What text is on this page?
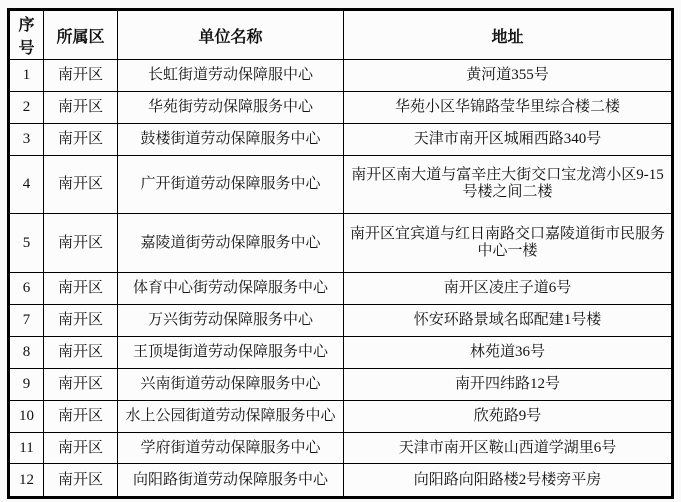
序号	所属区	单位名称	地址
1	南开区	长虹街道劳动保障服中心	黄河道355号
2	南开区	华苑街劳动保障服务中心	华苑小区华锦路莹华里综合楼二楼
3	南开区	鼓楼街道劳动保障服务中心	天津市南开区城厢西路340号
4	南开区	广开街道劳动保障服务中心	南开区南大道与富辛庄大街交口宝龙湾小区9-15号楼之间二楼
5	南开区	嘉陵道街劳动保障服务中心	南开区宜宾道与红日南路交口嘉陵道街市民服务中心一楼
6	南开区	体育中心街劳动保障服务中心	南开区凌庄子道6号
7	南开区	万兴街劳动保障服务中心	怀安环路景域名邸配建1号楼
8	南开区	王顶堤街道劳动保障服务中心	林苑道36号
9	南开区	兴南街道劳动保障服务中心	南开四纬路12号
10	南开区	水上公园街道劳动保障服务中心	欣苑路9号
11	南开区	学府街道劳动保障服务中心	天津市南开区鞍山西道学湖里6号
12	南开区	向阳路街道劳动保障服务中心	向阳路向阳路楼2号楼旁平房
